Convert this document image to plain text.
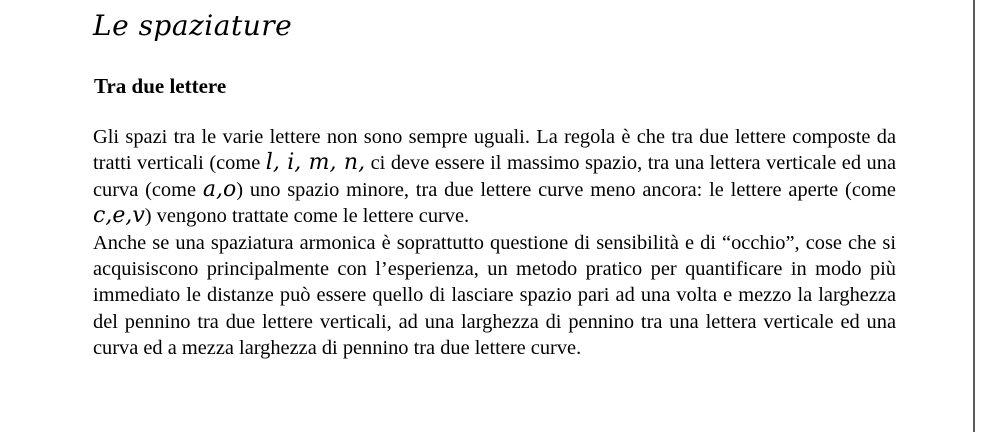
Le spaziature
Tra due lettere

Gli spazi tra le varie lettere non sono sempre uguali. La regola è che tra due lettere composte da tratti verticali (come l, i, m, n, ci deve essere il massimo spazio, tra una lettera verticale ed una curva (come a,o) uno spazio minore, tra due lettere curve meno ancora: le lettere aperte (come c,e,v) vengono trattate come le lettere curve.

Anche se una spaziatura armonica è soprattutto questione di sensibilità e di “occhio”, cose che si acquisiscono principalmente con l’esperienza, un metodo pratico per quantificare in modo più immediato le distanze può essere quello di lasciare spazio pari ad una volta e mezzo la larghezza del pennino tra due lettere verticali, ad una larghezza di pennino tra una lettera verticale ed una curva ed a mezza larghezza di pennino tra due lettere curve.
